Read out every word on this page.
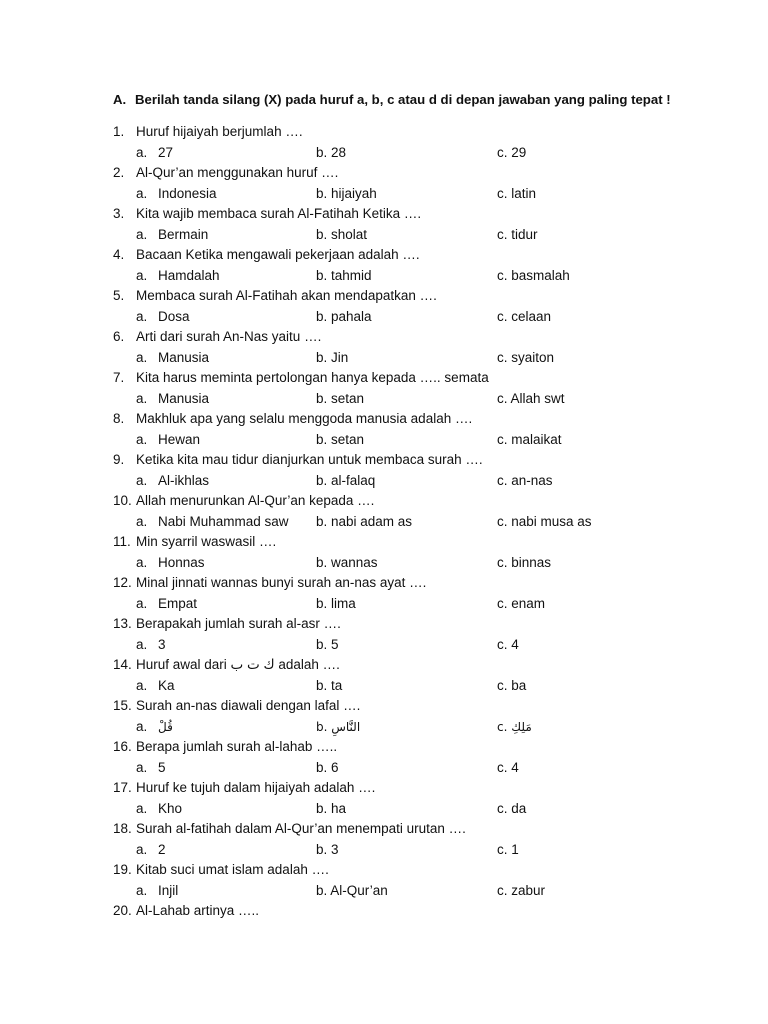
A. Berilah tanda silang (X) pada huruf a, b, c atau d di depan jawaban yang paling tepat !
1. Huruf hijaiyah berjumlah ….
a. 27	b. 28	c. 29
2. Al-Qur’an menggunakan huruf ….
a. Indonesia	b. hijaiyah	c. latin
3. Kita wajib membaca surah Al-Fatihah Ketika ….
a. Bermain	b. sholat	c. tidur
4. Bacaan Ketika mengawali pekerjaan adalah ….
a. Hamdalah	b. tahmid	c. basmalah
5. Membaca surah Al-Fatihah akan mendapatkan ….
a. Dosa	b. pahala	c. celaan
6. Arti dari surah An-Nas yaitu ….
a. Manusia	b. Jin	c. syaiton
7. Kita harus meminta pertolongan hanya kepada ….. semata
a. Manusia	b. setan	c. Allah swt
8. Makhluk apa yang selalu menggoda manusia adalah ….
a. Hewan	b. setan	c. malaikat
9. Ketika kita mau tidur dianjurkan untuk membaca surah ….
a. Al-ikhlas	b. al-falaq	c. an-nas
10. Allah menurunkan Al-Qur’an kepada ….
a. Nabi Muhammad saw b. nabi adam as	c. nabi musa as
11. Min syarril waswasil ….
a. Honnas	b. wannas	c. binnas
12. Minal jinnati wannas bunyi surah an-nas ayat ….
a. Empat	b. lima	c. enam
13. Berapakah jumlah surah al-asr ….
a. 3	b. 5	c. 4
14. Huruf awal dari ك ت ب adalah ….
a. Ka	b. ta	c. ba
15. Surah an-nas diawali dengan lafal ….
a. قُلْ	b. النَّاسِ	c. مَلِكِ
16. Berapa jumlah surah al-lahab …..
a. 5	b. 6	c. 4
17. Huruf ke tujuh dalam hijaiyah adalah ….
a. Kho	b. ha	c. da
18. Surah al-fatihah dalam Al-Qur’an menempati urutan ….
a. 2	b. 3	c. 1
19. Kitab suci umat islam adalah ….
a. Injil	b. Al-Qur’an	c. zabur
20. Al-Lahab artinya …..
